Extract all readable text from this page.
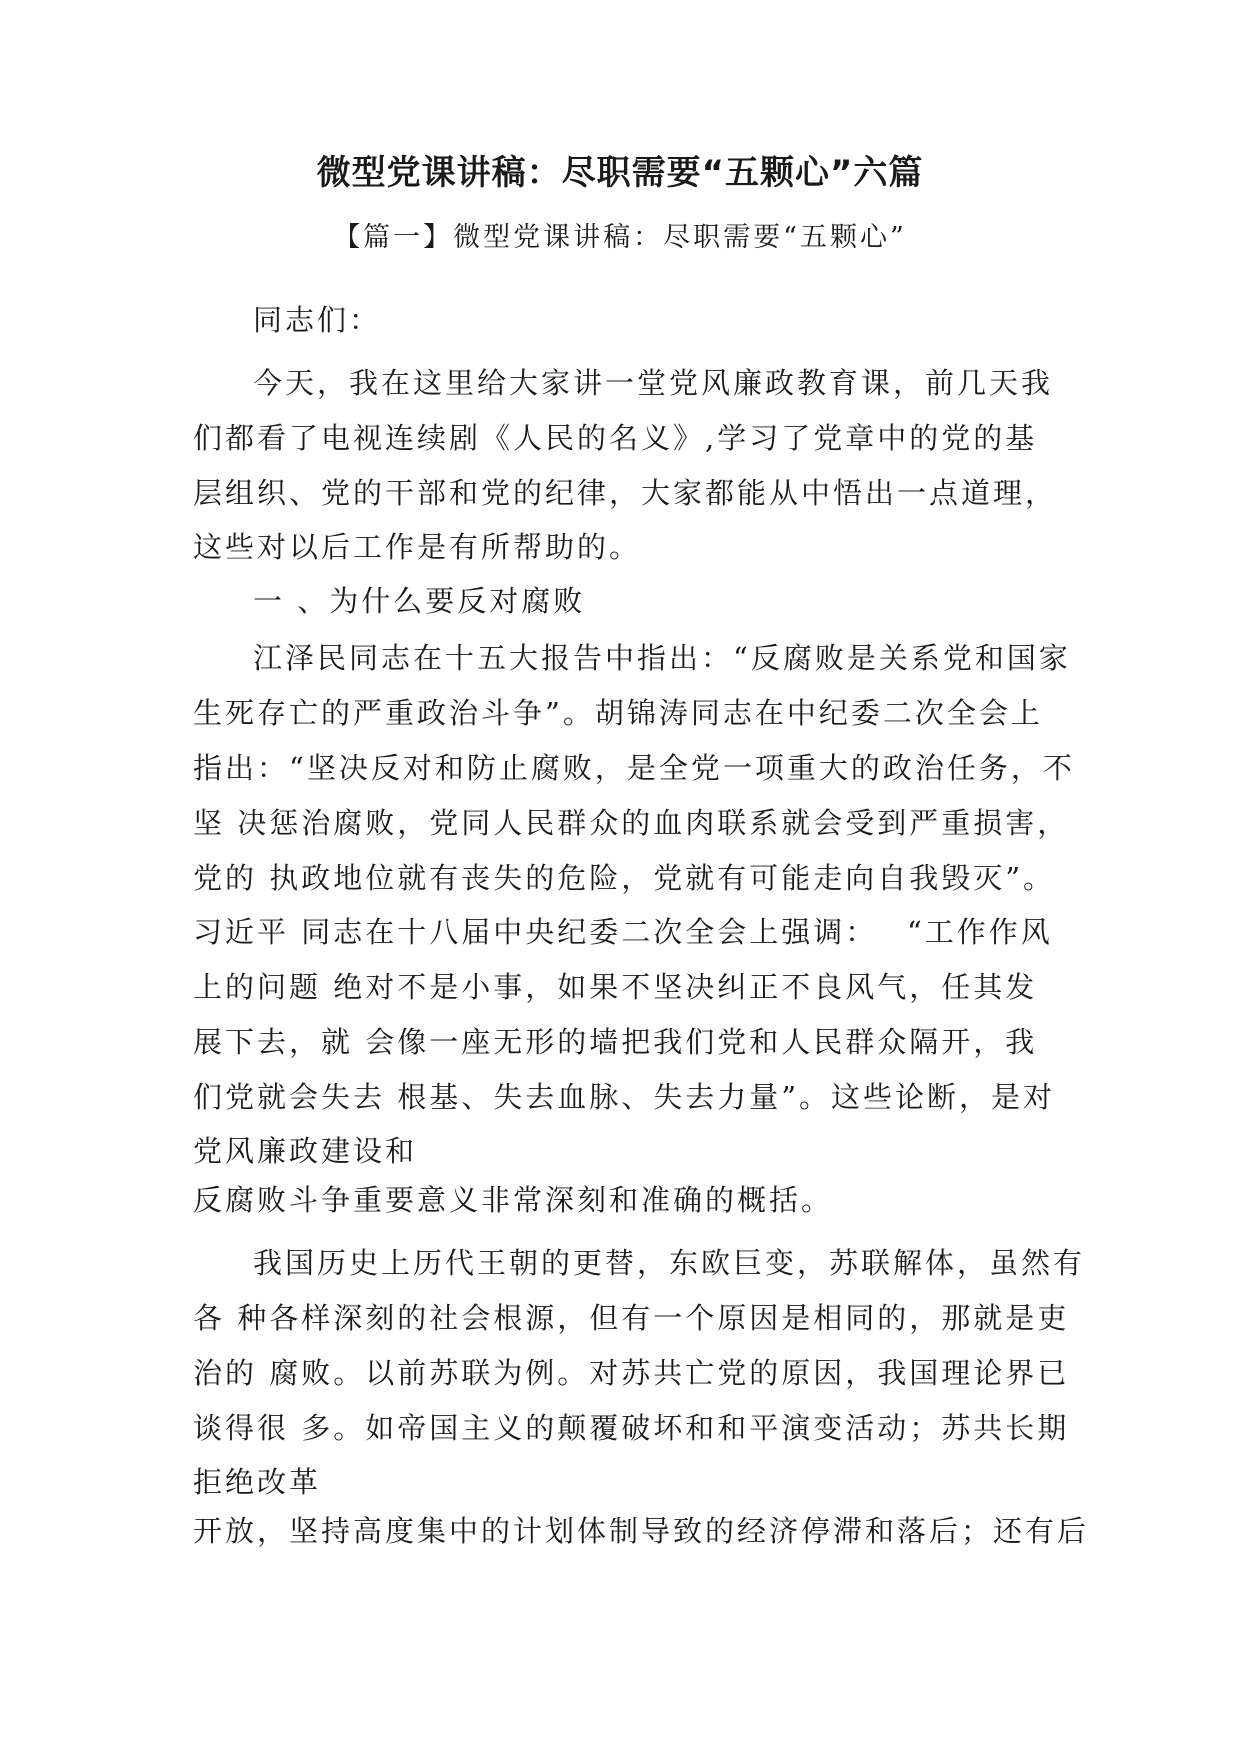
微型党课讲稿：尽职需要“五颗心”六篇
【篇一】微型党课讲稿：尽职需要“五颗心”
同志们：
今天，我在这里给大家讲一堂党风廉政教育课，前几天我
们都看了电视连续剧《人民的名义》,学习了党章中的党的基
层组织、党的干部和党的纪律，大家都能从中悟出一点道理，
这些对以后工作是有所帮助的。
一 、为什么要反对腐败
江泽民同志在十五大报告中指出：“反腐败是关系党和国家
生死存亡的严重政治斗争”。胡锦涛同志在中纪委二次全会上
指出：“坚决反对和防止腐败，是全党一项重大的政治任务，不
坚 决惩治腐败，党同人民群众的血肉联系就会受到严重损害，
党的 执政地位就有丧失的危险，党就有可能走向自我毁灭”。
习近平 同志在十八届中央纪委二次全会上强调：　 “工作作风
上的问题 绝对不是小事，如果不坚决纠正不良风气，任其发
展下去，就 会像一座无形的墙把我们党和人民群众隔开，我
们党就会失去 根基、失去血脉、失去力量”。这些论断，是对
党风廉政建设和
反腐败斗争重要意义非常深刻和准确的概括。
我国历史上历代王朝的更替，东欧巨变，苏联解体，虽然有
各 种各样深刻的社会根源，但有一个原因是相同的，那就是吏
治的 腐败。以前苏联为例。对苏共亡党的原因，我国理论界已
谈得很 多。如帝国主义的颠覆破坏和和平演变活动；苏共长期
拒绝改革
开放，坚持高度集中的计划体制导致的经济停滞和落后；还有后
